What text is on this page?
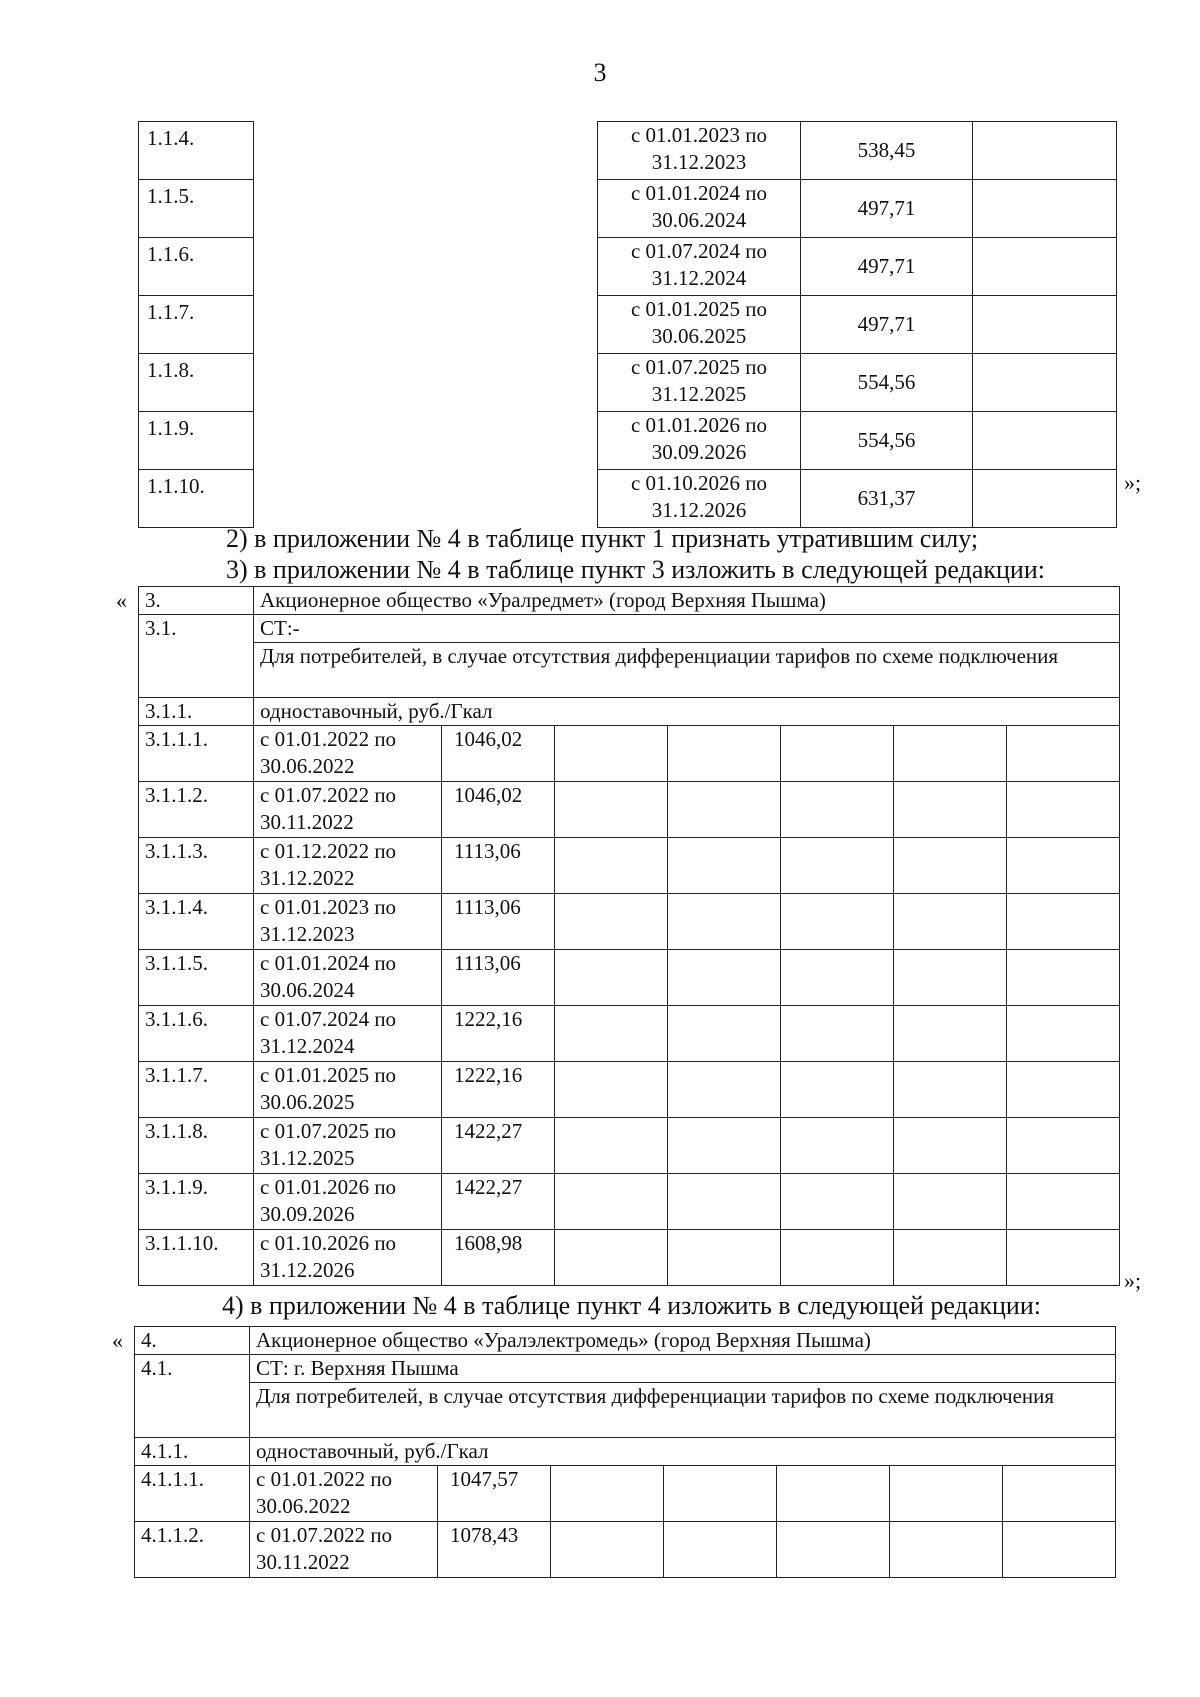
3
1.1.4.		с 01.01.2023 по 31.12.2023	538,45	
1.1.5.		с 01.01.2024 по 30.06.2024	497,71	
1.1.6.		с 01.07.2024 по 31.12.2024	497,71	
1.1.7.		с 01.01.2025 по 30.06.2025	497,71	
1.1.8.		с 01.07.2025 по 31.12.2025	554,56	
1.1.9.		с 01.01.2026 по 30.09.2026	554,56	
1.1.10.		с 01.10.2026 по 31.12.2026	631,37	
»;
2) в приложении № 4 в таблице пункт 1 признать утратившим силу;
3) в приложении № 4 в таблице пункт 3 изложить в следующей редакции:
« 3.	Акционерное общество «Уралредмет» (город Верхняя Пышма)						
3.1.	СТ:-						
	Для потребителей, в случае отсутствия дифференциации тарифов по схеме подключения						
3.1.1.	одноставочный, руб./Гкал						
3.1.1.1.	с 01.01.2022 по 30.06.2022	1046,02					
3.1.1.2.	с 01.07.2022 по 30.11.2022	1046,02					
3.1.1.3.	с 01.12.2022 по 31.12.2022	1113,06					
3.1.1.4.	с 01.01.2023 по 31.12.2023	1113,06					
3.1.1.5.	с 01.01.2024 по 30.06.2024	1113,06					
3.1.1.6.	с 01.07.2024 по 31.12.2024	1222,16					
3.1.1.7.	с 01.01.2025 по 30.06.2025	1222,16					
3.1.1.8.	с 01.07.2025 по 31.12.2025	1422,27					
3.1.1.9.	с 01.01.2026 по 30.09.2026	1422,27					
3.1.1.10.	с 01.10.2026 по 31.12.2026	1608,98					
»;
4) в приложении № 4 в таблице пункт 4 изложить в следующей редакции:
« 4.	Акционерное общество «Уралэлектромедь» (город Верхняя Пышма)						
4.1.	СТ: г. Верхняя Пышма						
	Для потребителей, в случае отсутствия дифференциации тарифов по схеме подключения						
4.1.1.	одноставочный, руб./Гкал						
4.1.1.1.	с 01.01.2022 по 30.06.2022	1047,57					
4.1.1.2.	с 01.07.2022 по 30.11.2022	1078,43					
